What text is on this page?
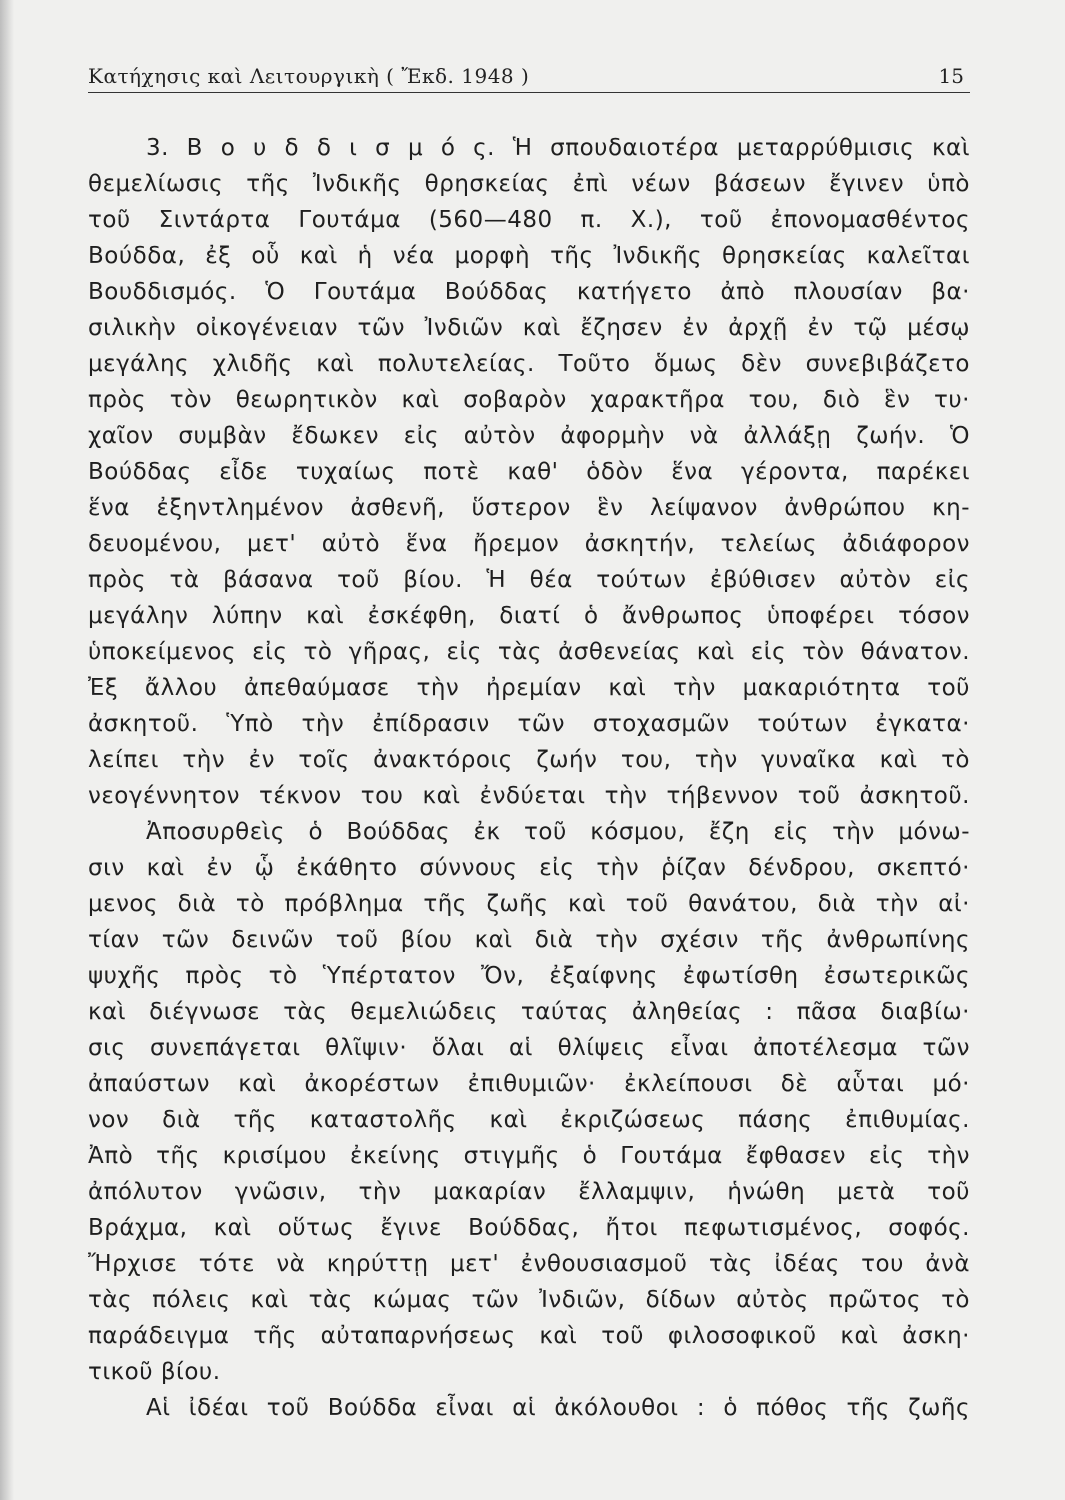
Κατήχησις καὶ Λειτουργικὴ ( Ἔκδ. 1948 )	15
3. Β ο υ δ δ ι σ μ ό ς. Ἡ σπουδαιοτέρα μεταρρύθμισις καὶ
θεμελίωσις τῆς Ἰνδικῆς θρησκείας ἐπὶ νέων βάσεων ἔγινεν ὑπὸ
τοῦ Σιντάρτα Γουτάμα (560—480 π. Χ.), τοῦ ἐπονομασθέντος
Βούδδα, ἐξ οὗ καὶ ἡ νέα μορφὴ τῆς Ἰνδικῆς θρησκείας καλεῖται
Βουδδισμός. Ὁ Γουτάμα Βούδδας κατήγετο ἀπὸ πλουσίαν βα·
σιλικὴν οἰκογένειαν τῶν Ἰνδιῶν καὶ ἔζησεν ἐν ἀρχῇ ἐν τῷ μέσῳ
μεγάλης χλιδῆς καὶ πολυτελείας. Τοῦτο ὅμως δὲν συνεβιβάζετο
πρὸς τὸν θεωρητικὸν καὶ σοβαρὸν χαρακτῆρα του, διὸ ἓν τυ·
χαῖον συμβὰν ἔδωκεν εἰς αὐτὸν ἀφορμὴν νὰ ἀλλάξῃ ζωήν. Ὁ
Βούδδας εἶδε τυχαίως ποτὲ καθ' ὁδὸν ἕνα γέροντα, παρέκει
ἕνα ἐξηντλημένον ἀσθενῆ, ὕστερον ἓν λείψανον ἀνθρώπου κη-
δευομένου, μετ' αὐτὸ ἕνα ἤρεμον ἀσκητήν, τελείως ἀδιάφορον
πρὸς τὰ βάσανα τοῦ βίου. Ἡ θέα τούτων ἐβύθισεν αὐτὸν εἰς
μεγάλην λύπην καὶ ἐσκέφθη, διατί ὁ ἄνθρωπος ὑποφέρει τόσον
ὑποκείμενος εἰς τὸ γῆρας, εἰς τὰς ἀσθενείας καὶ εἰς τὸν θάνατον.
Ἐξ ἄλλου ἀπεθαύμασε τὴν ἠρεμίαν καὶ τὴν μακαριότητα τοῦ
ἀσκητοῦ. Ὑπὸ τὴν ἐπίδρασιν τῶν στοχασμῶν τούτων ἐγκατα·
λείπει τὴν ἐν τοῖς ἀνακτόροις ζωήν του, τὴν γυναῖκα καὶ τὸ
νεογέννητον τέκνον του καὶ ἐνδύεται τὴν τήβεννον τοῦ ἀσκητοῦ.
Ἀποσυρθεὶς ὁ Βούδδας ἐκ τοῦ κόσμου, ἔζη εἰς τὴν μόνω-
σιν καὶ ἐν ᾧ ἐκάθητο σύννους εἰς τὴν ῥίζαν δένδρου, σκεπτό·
μενος διὰ τὸ πρόβλημα τῆς ζωῆς καὶ τοῦ θανάτου, διὰ τὴν αἰ·
τίαν τῶν δεινῶν τοῦ βίου καὶ διὰ τὴν σχέσιν τῆς ἀνθρωπίνης
ψυχῆς πρὸς τὸ Ὑπέρτατον Ὄν, ἐξαίφνης ἐφωτίσθη ἐσωτερικῶς
καὶ διέγνωσε τὰς θεμελιώδεις ταύτας ἀληθείας : πᾶσα διαβίω·
σις συνεπάγεται θλῖψιν· ὅλαι αἱ θλίψεις εἶναι ἀποτέλεσμα τῶν
ἀπαύστων καὶ ἀκορέστων ἐπιθυμιῶν· ἐκλείπουσι δὲ αὗται μό·
νον διὰ τῆς καταστολῆς καὶ ἐκριζώσεως πάσης ἐπιθυμίας.
Ἀπὸ τῆς κρισίμου ἐκείνης στιγμῆς ὁ Γουτάμα ἔφθασεν εἰς τὴν
ἀπόλυτον γνῶσιν, τὴν μακαρίαν ἔλλαμψιν, ἡνώθη μετὰ τοῦ
Βράχμα, καὶ οὕτως ἔγινε Βούδδας, ἤτοι πεφωτισμένος, σοφός.
Ἤρχισε τότε νὰ κηρύττῃ μετ' ἐνθουσιασμοῦ τὰς ἰδέας του ἀνὰ
τὰς πόλεις καὶ τὰς κώμας τῶν Ἰνδιῶν, δίδων αὐτὸς πρῶτος τὸ
παράδειγμα τῆς αὐταπαρνήσεως καὶ τοῦ φιλοσοφικοῦ καὶ ἀσκη·
τικοῦ βίου.
Αἱ ἰδέαι τοῦ Βούδδα εἶναι αἱ ἀκόλουθοι : ὁ πόθος τῆς ζωῆς
